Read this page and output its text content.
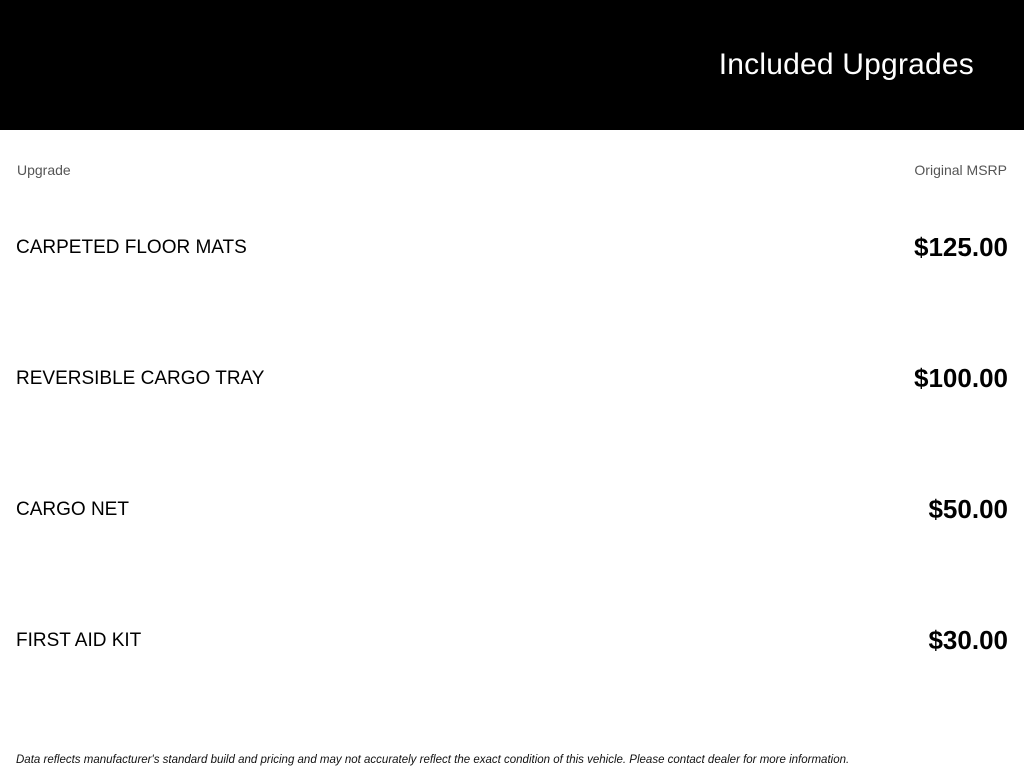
Included Upgrades
Upgrade	Original MSRP
CARPETED FLOOR MATS	$125.00
REVERSIBLE CARGO TRAY	$100.00
CARGO NET	$50.00
FIRST AID KIT	$30.00
Data reflects manufacturer's standard build and pricing and may not accurately reflect the exact condition of this vehicle. Please contact dealer for more information.
